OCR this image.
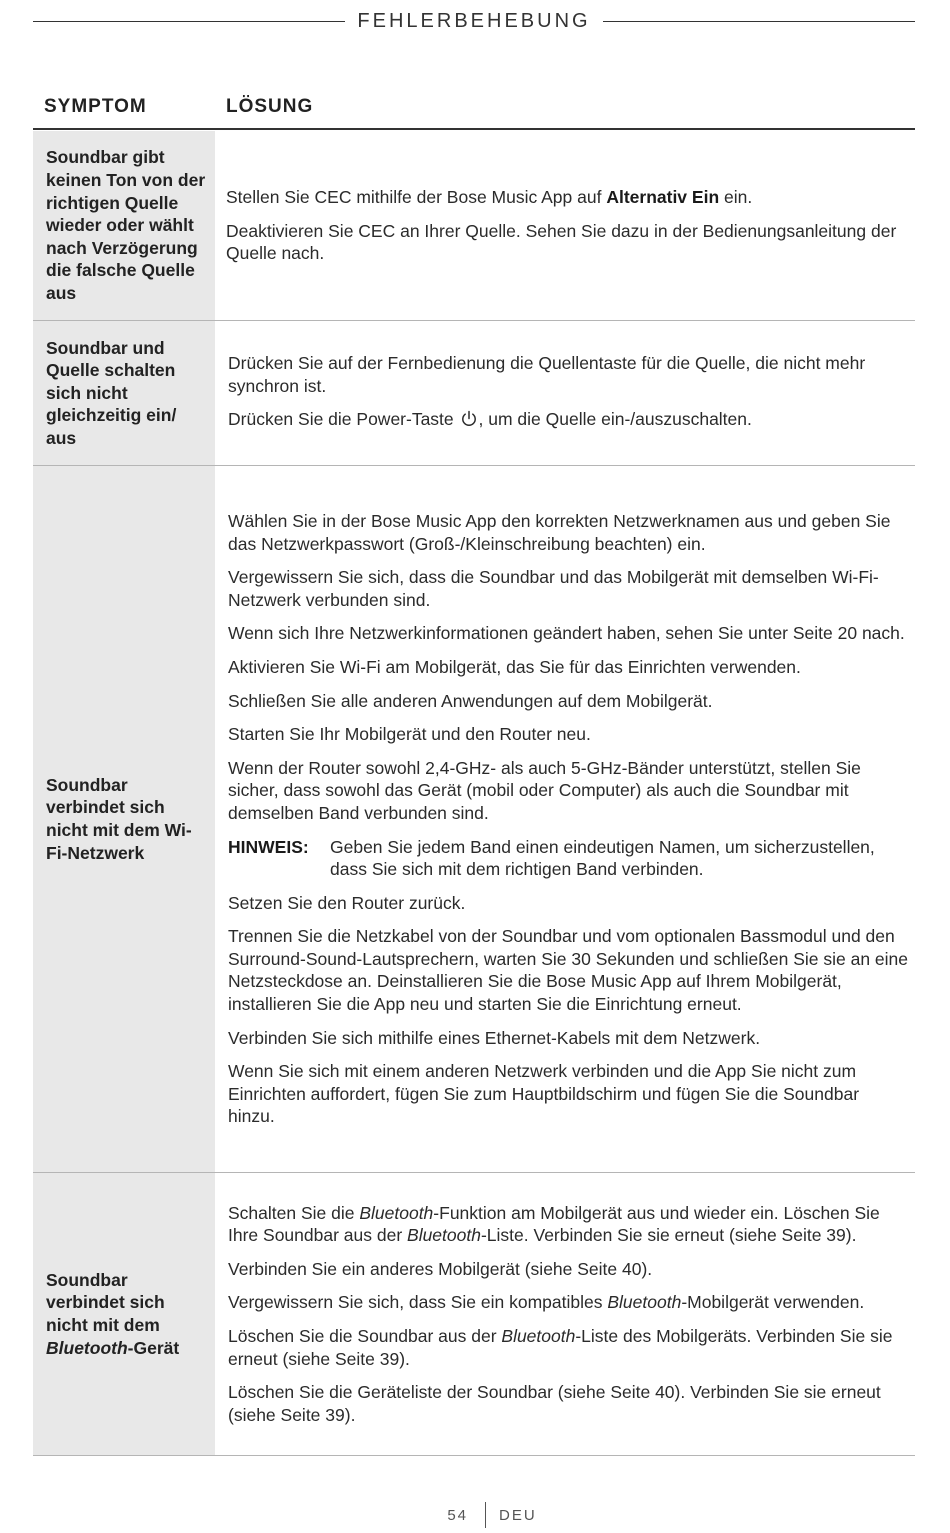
FEHLERBEHEBUNG
SYMPTOM	LÖSUNG
Soundbar gibt keinen Ton von der richtigen Quelle wieder oder wählt nach Verzögerung die falsche Quelle aus

Stellen Sie CEC mithilfe der Bose Music App auf Alternativ Ein ein.

Deaktivieren Sie CEC an Ihrer Quelle. Sehen Sie dazu in der Bedienungsanleitung der Quelle nach.

Soundbar und Quelle schalten sich nicht gleichzeitig ein/ aus

Drücken Sie auf der Fernbedienung die Quellentaste für die Quelle, die nicht mehr synchron ist.

Drücken Sie die Power-Taste , um die Quelle ein-/auszuschalten.

Soundbar verbindet sich nicht mit dem Wi-Fi-Netzwerk

Wählen Sie in der Bose Music App den korrekten Netzwerknamen aus und geben Sie das Netzwerkpasswort (Groß-/Kleinschreibung beachten) ein.

Vergewissern Sie sich, dass die Soundbar und das Mobilgerät mit demselben Wi-Fi-Netzwerk verbunden sind.

Wenn sich Ihre Netzwerkinformationen geändert haben, sehen Sie unter Seite 20 nach.

Aktivieren Sie Wi-Fi am Mobilgerät, das Sie für das Einrichten verwenden.

Schließen Sie alle anderen Anwendungen auf dem Mobilgerät.

Starten Sie Ihr Mobilgerät und den Router neu.

Wenn der Router sowohl 2,4-GHz- als auch 5-GHz-Bänder unterstützt, stellen Sie sicher, dass sowohl das Gerät (mobil oder Computer) als auch die Soundbar mit demselben Band verbunden sind.

HINWEIS:	Geben Sie jedem Band einen eindeutigen Namen, um sicherzustellen, dass Sie sich mit dem richtigen Band verbinden.

Setzen Sie den Router zurück.

Trennen Sie die Netzkabel von der Soundbar und vom optionalen Bassmodul und den Surround-Sound-Lautsprechern, warten Sie 30 Sekunden und schließen Sie sie an eine Netzsteckdose an. Deinstallieren Sie die Bose Music App auf Ihrem Mobilgerät, installieren Sie die App neu und starten Sie die Einrichtung erneut.

Verbinden Sie sich mithilfe eines Ethernet-Kabels mit dem Netzwerk.

Wenn Sie sich mit einem anderen Netzwerk verbinden und die App Sie nicht zum Einrichten auffordert, fügen Sie zum Hauptbildschirm und fügen Sie die Soundbar hinzu.

Soundbar verbindet sich nicht mit dem Bluetooth-Gerät

Schalten Sie die Bluetooth-Funktion am Mobilgerät aus und wieder ein. Löschen Sie Ihre Soundbar aus der Bluetooth-Liste. Verbinden Sie sie erneut (siehe Seite 39).

Verbinden Sie ein anderes Mobilgerät (siehe Seite 40).

Vergewissern Sie sich, dass Sie ein kompatibles Bluetooth-Mobilgerät verwenden.

Löschen Sie die Soundbar aus der Bluetooth-Liste des Mobilgeräts. Verbinden Sie sie erneut (siehe Seite 39).

Löschen Sie die Geräteliste der Soundbar (siehe Seite 40). Verbinden Sie sie erneut (siehe Seite 39).

54 DEU
